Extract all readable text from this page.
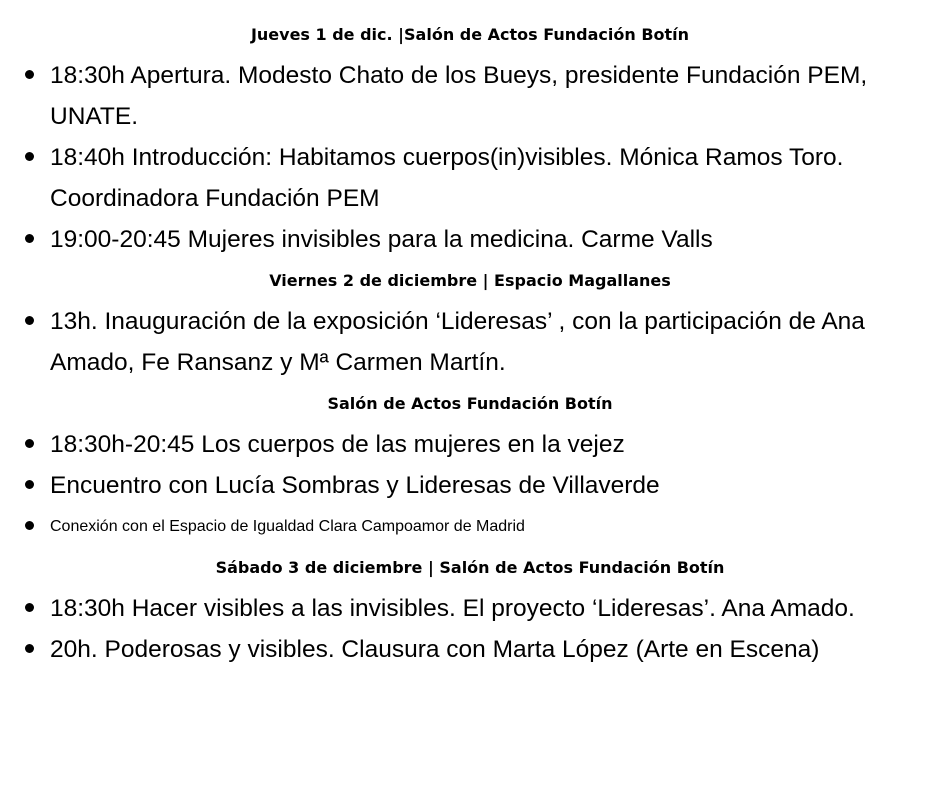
Jueves 1 de dic. |Salón de Actos Fundación Botín
18:30h Apertura. Modesto Chato de los Bueys, presidente Fundación PEM, UNATE.
18:40h Introducción: Habitamos cuerpos(in)visibles. Mónica Ramos Toro. Coordinadora Fundación PEM
19:00-20:45 Mujeres invisibles para la medicina. Carme Valls
Viernes 2 de diciembre | Espacio Magallanes
13h. Inauguración de la exposición ‘Lideresas’ , con la participación de Ana Amado, Fe Ransanz y Mª Carmen Martín.
Salón de Actos Fundación Botín
18:30h-20:45 Los cuerpos de las mujeres en la vejez
Encuentro con Lucía Sombras y Lideresas de Villaverde
Conexión con el Espacio de Igualdad Clara Campoamor de Madrid
Sábado 3 de diciembre | Salón de Actos Fundación Botín
18:30h Hacer visibles a las invisibles. El proyecto ‘Lideresas’. Ana Amado.
20h. Poderosas y visibles. Clausura con Marta López (Arte en Escena)
